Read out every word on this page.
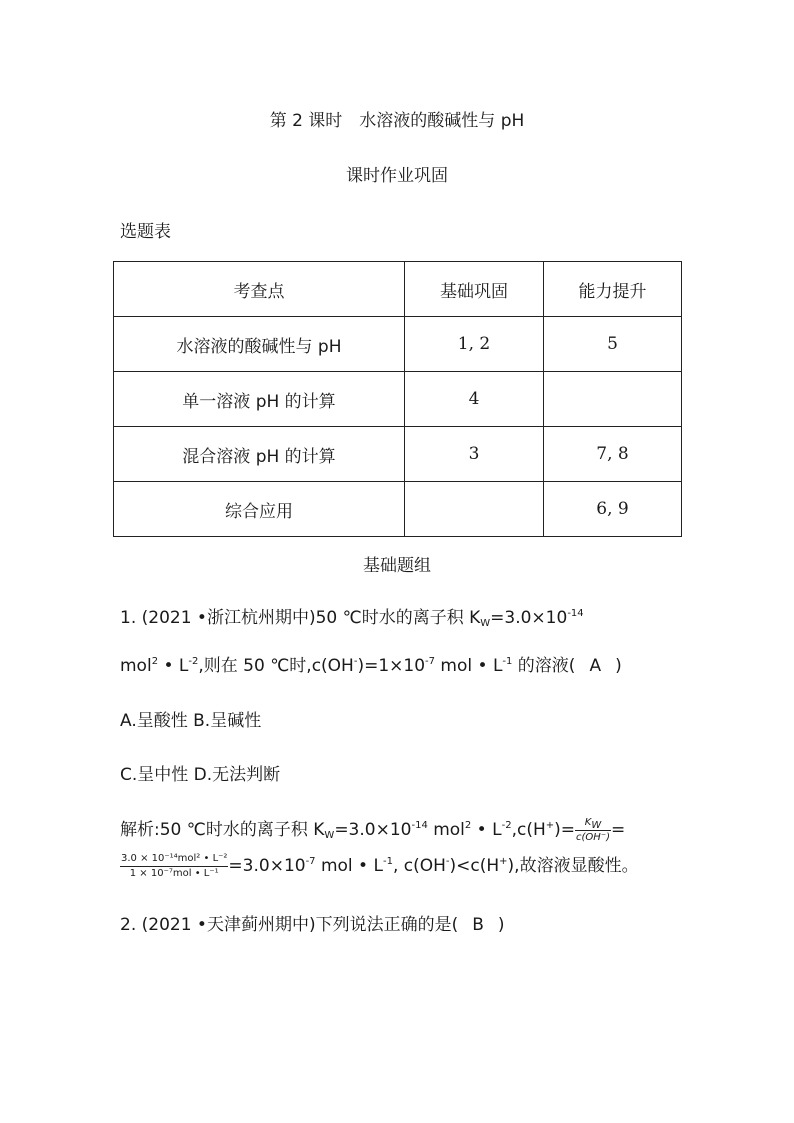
第 2 课时　水溶液的酸碱性与 pH
课时作业巩固
选题表
考查点	基础巩固	能力提升
水溶液的酸碱性与 pH	1, 2	5
单一溶液 pH 的计算	4	
混合溶液 pH 的计算	3	7, 8
综合应用		6, 9
基础题组
1. (2021 •浙江杭州期中)50 ℃时水的离子积 $K_W=3.0\times 10^{-14}$
mol$^2$ • $L^{-2}$,则在 50 ℃时$,c(OH^-)=1\times 10^{-7}$ mol • $L^{-1}$ 的溶液( A )
A.呈酸性 B.呈碱性
C.呈中性 D.无法判断
解析:50 ℃时水的离子积 $K_W=3.0\times 10^{-14}$ mol$^2$ • $L^{-2},c(H^+)= \frac{K_W}{c(OH^-)}$ =
$\frac{\text{3.0 × 10⁻¹⁴mol² • L⁻²}}{\text{1 × 10⁻⁷mol • L⁻¹}} =3.0\times 10^{-7}$ mol • $L^{-1}$, c(OH-)<c(H+),故溶液显酸性。
2. (2021 •天津蓟州期中)下列说法正确的是( B )
